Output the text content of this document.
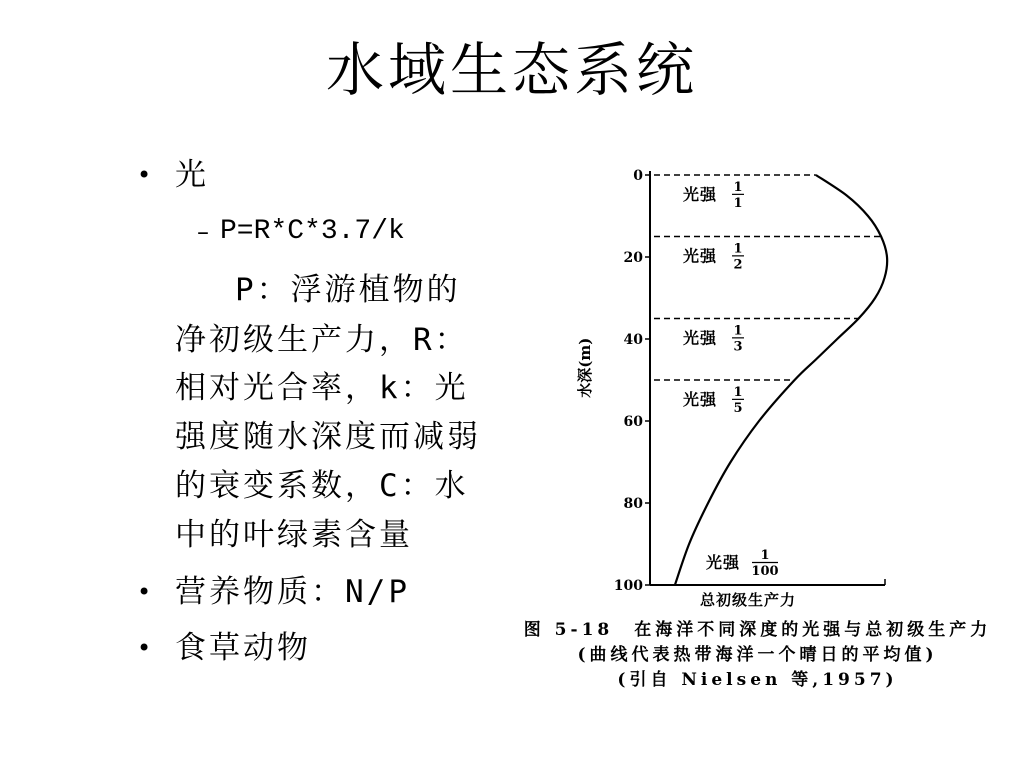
水域生态系统
• 光
– P=R*C*3.7/k
P：浮游植物的
净初级生产力，R：
相对光合率，k：光
强度随水深度而减弱
的衰变系数，C：水
中的叶绿素含量
• 营养物质：N/P
• 食草动物
0
20
40
60
80
100
水深(m)
总初级生产力
光强 1
1
光强 1
2
光强 1
3
光强 1
5
光强 1
100
图 5-18　在海洋不同深度的光强与总初级生产力
(曲线代表热带海洋一个晴日的平均值)
(引自 Nielsen 等,1957)
